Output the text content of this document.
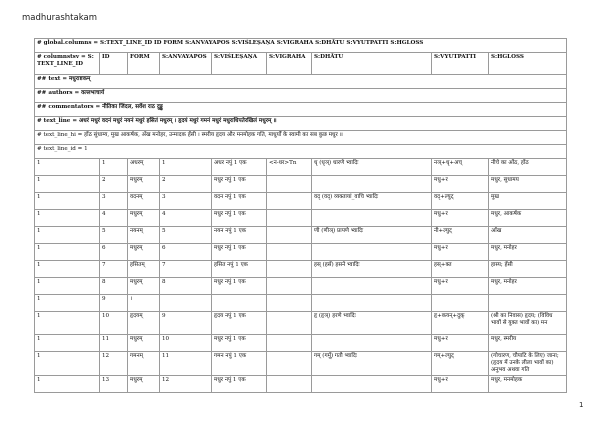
madhurashtakam
# global.columns = S:TEXT_LINE_ID ID FORM S:ANVAYAPOS S:VIŚLEṢAṆA S:VIGRAHA S:DHĀTU S:VYUTPATTI S:HGLOSS								
# columnstsv = S: TEXT_LINE_ID	ID	FORM	S:ANVAYAPOS	S:VIŚLEṢAṆA	S:VIGRAHA	S:DHĀTU	S:VYUTPATTI	S:HGLOSS
## text = मधुराष्टकम्								
## authors = वल्लभाचार्य								
## commentators = नीतिका जिंदल, सर्वेश राठ दुड्डु								
# text_line = अधरं मधुरं वदनं मधुरं नयनं मधुरं हसितं मधुरम् । हृदयं मधुरं गमनं मधुरं मधुराधिपतेरखिलं मधुरम् ॥								
# text_line_hi = होंठ सुंधाम्य, मुख आकर्षक, अँख मनोहर, उन्मादक हँसी । स्मरीय हृदय और मनमोहक गति, माधुर्यों के स्वामी का सब कुछ मधुर ॥								
# text_line_id = 1								
1	1	अधरम्	1	अधर नपुं 1 एक	<न-धर>Tn	धृ (धृञ्) धारणे भ्वादिः	नञ्+धृ+अच्	नीचे का ओंठ, होंठ
1	2	मधुरम्	2	मधुर नपुं 1 एक			मधु+र	मधुर, सुधामय
1	3	वदनम्	3	वदन नपुं 1 एक		वद् (वद्) व्यक्तायां_वाचि भ्वादिः	वद्+ल्युट्	मुख
1	4	मधुरम्	4	मधुर नपुं 1 एक			मधु+र	मधुर, आकर्षक
1	5	नयनम्	5	नयन नपुं 1 एक		णी (णीञ्) प्रापणे भ्वादिः	नी+ल्युट्	आँख
1	6	मधुरम्	6	मधुर नपुं 1 एक			मधु+र	मधुर, मनोहर
1	7	हसितम्	7	हसित नपुं 1 एक		हस् (हसँ) हसने भ्वादिः	हस्+क्त	हास्य; हँसी
1	8	मधुरम्	8	मधुर नपुं 1 एक			मधु+र	मधुर, मनोहर
1	9	।						
1	10	हृदयम्	9	हृदय नपुं 1 एक		हृ (हृञ्) हरणे भ्वादिः	हृ+कयन्+दुक्	(श्री का निवास) हृदय; (विविध भावों से युक्त भावों का) मन
1	11	मधुरम्	10	मधुर नपुं 1 एक			मधु+र	मधुर, स्मरीय
1	12	गमनम्	11	गमन नपुं 1 एक		गम् (गमॢँ) गतौ भ्वादिः	गम्+ल्युट्	(गोचारण, चौपाटि के लिए) जाना; (हृदय में उनके लीला भावों का) अनुभव अथवा गति
1	13	मधुरम्	12	मधुर नपुं 1 एक			मधु+र	मधुर, मनमोहक
1
